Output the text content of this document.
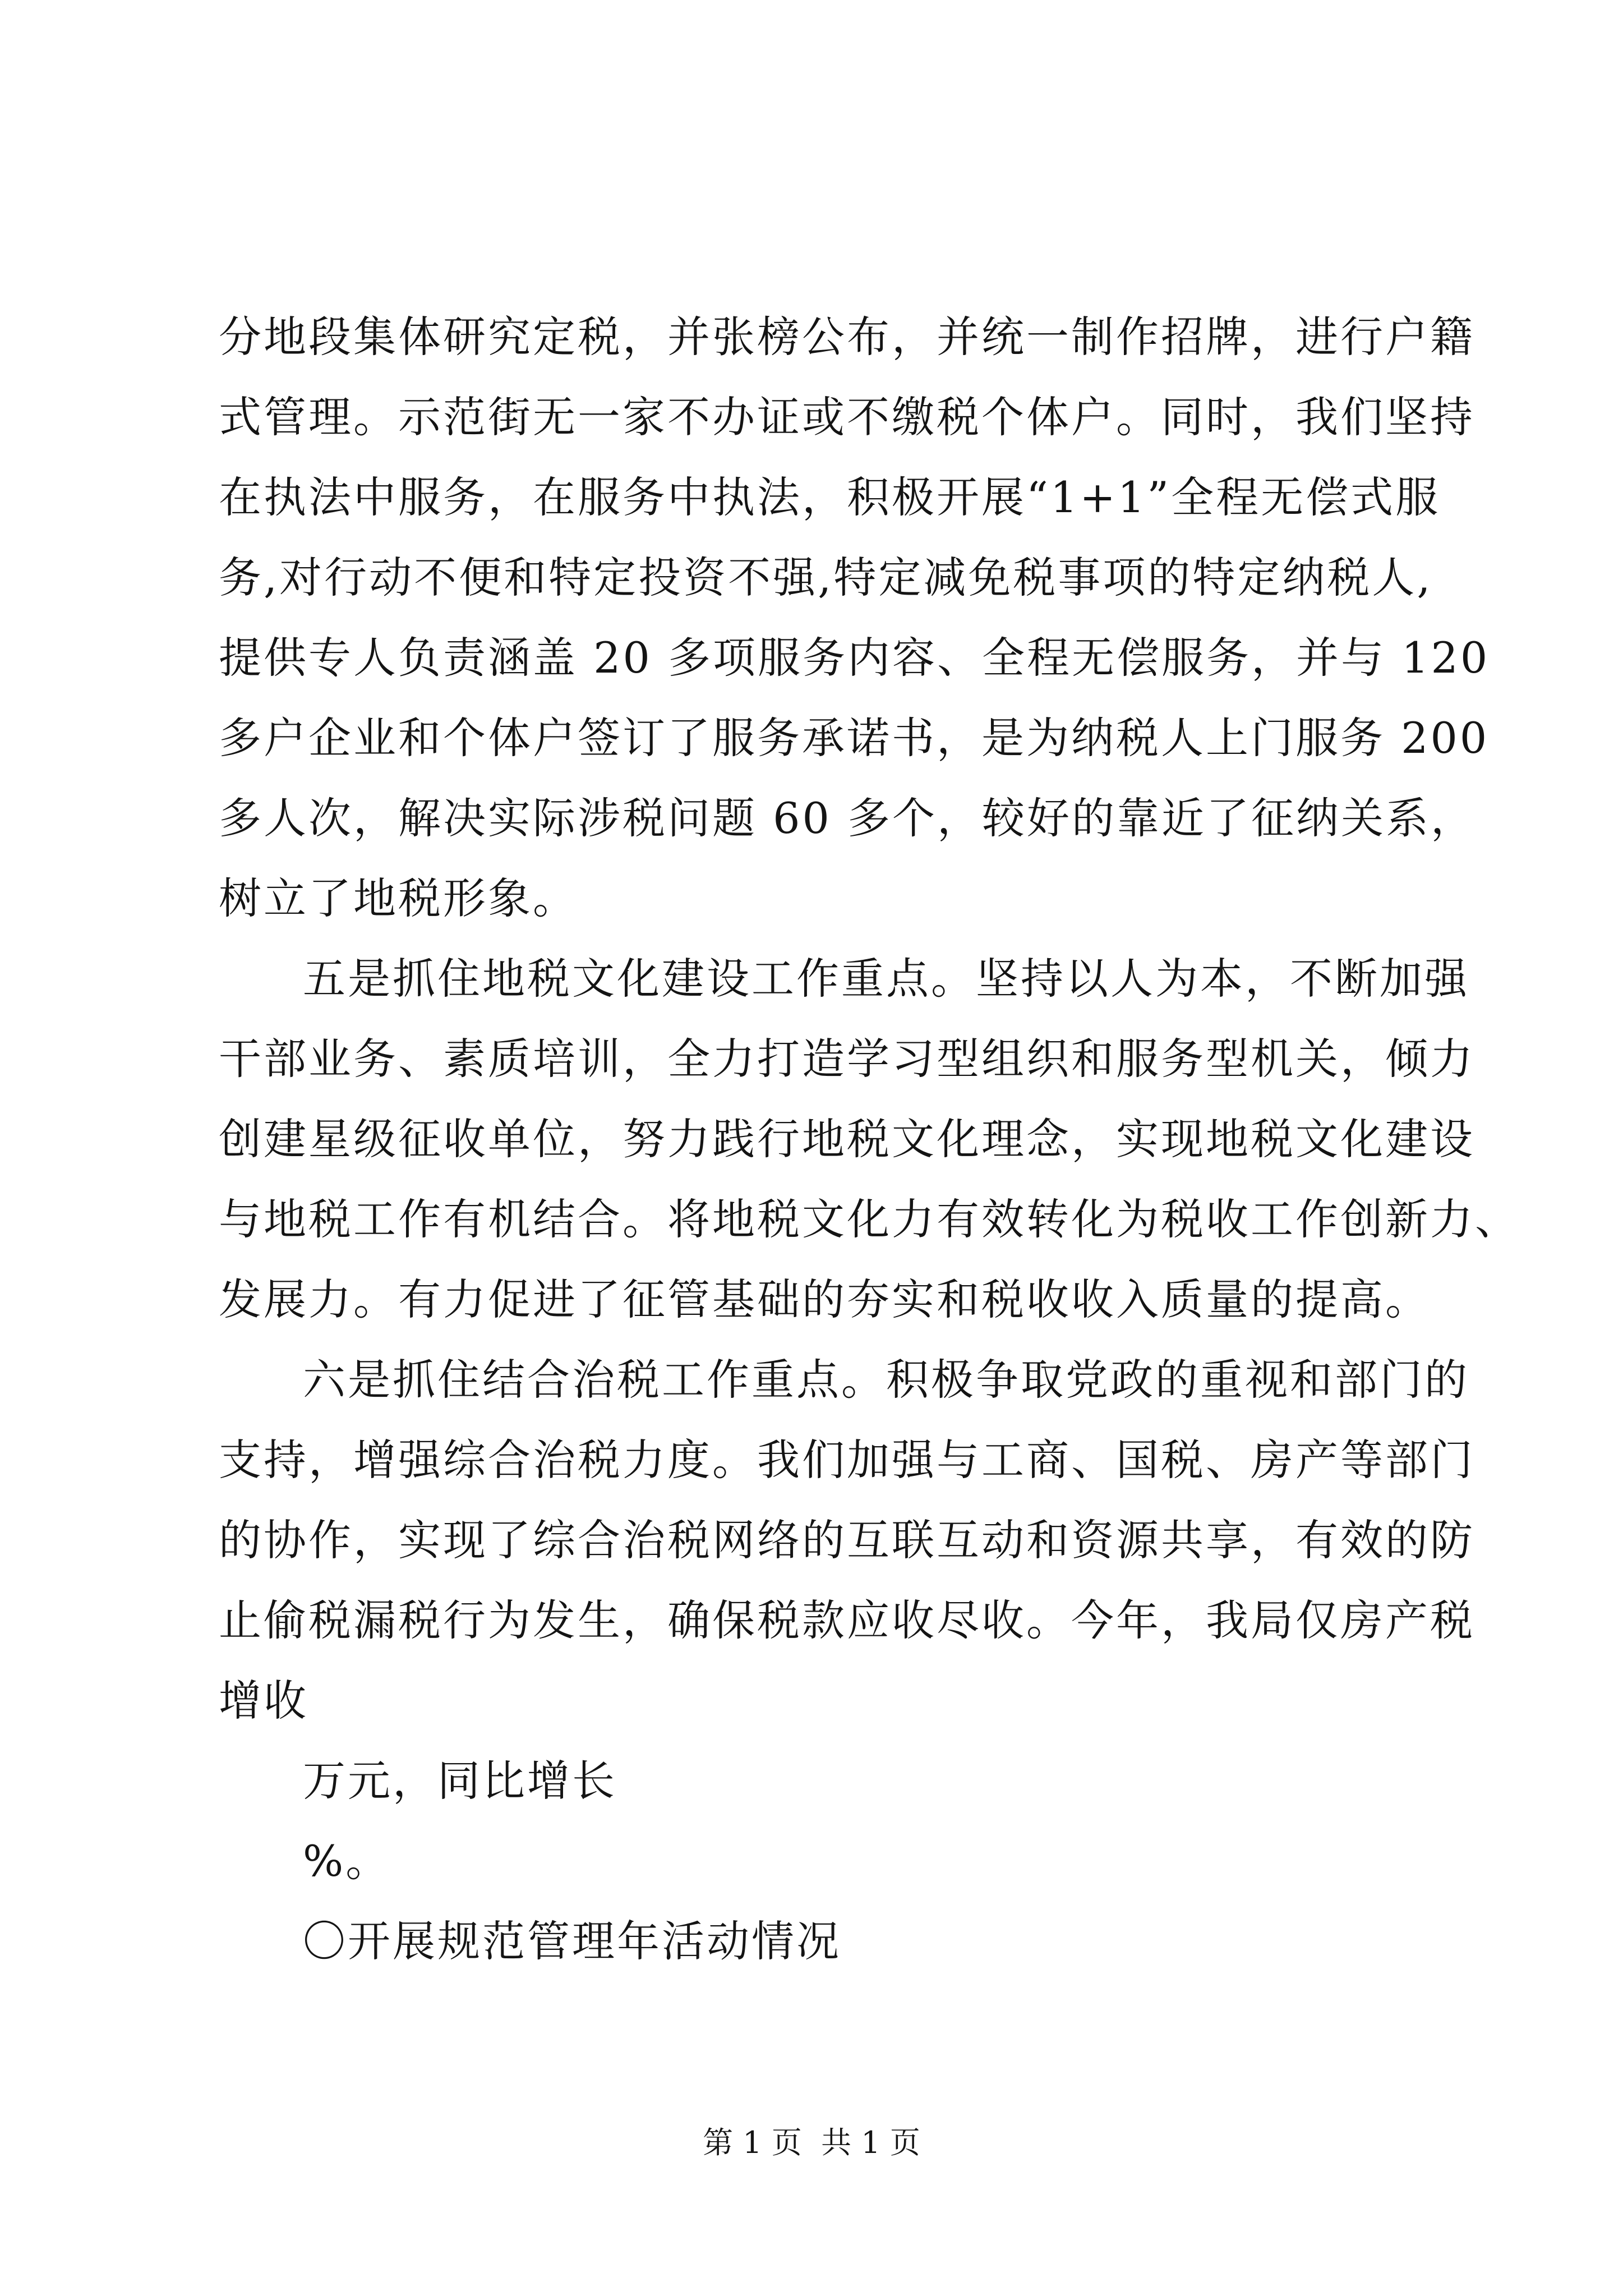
分地段集体研究定税，并张榜公布，并统一制作招牌，进行户籍
式管理。示范街无一家不办证或不缴税个体户。同时，我们坚持
在执法中服务，在服务中执法，积极开展“1+1”全程无偿式服
务,对行动不便和特定投资不强,特定减免税事项的特定纳税人,
提供专人负责涵盖 20 多项服务内容、全程无偿服务，并与 120
多户企业和个体户签订了服务承诺书，是为纳税人上门服务 200
多人次，解决实际涉税问题 60 多个，较好的靠近了征纳关系，
树立了地税形象。
五是抓住地税文化建设工作重点。坚持以人为本，不断加强
干部业务、素质培训，全力打造学习型组织和服务型机关，倾力
创建星级征收单位，努力践行地税文化理念，实现地税文化建设
与地税工作有机结合。将地税文化力有效转化为税收工作创新力、
发展力。有力促进了征管基础的夯实和税收收入质量的提高。
六是抓住结合治税工作重点。积极争取党政的重视和部门的
支持，增强综合治税力度。我们加强与工商、国税、房产等部门
的协作，实现了综合治税网络的互联互动和资源共享，有效的防
止偷税漏税行为发生，确保税款应收尽收。今年，我局仅房产税
增收
万元，同比增长
%。
〇开展规范管理年活动情况
第 1 页  共 1 页
